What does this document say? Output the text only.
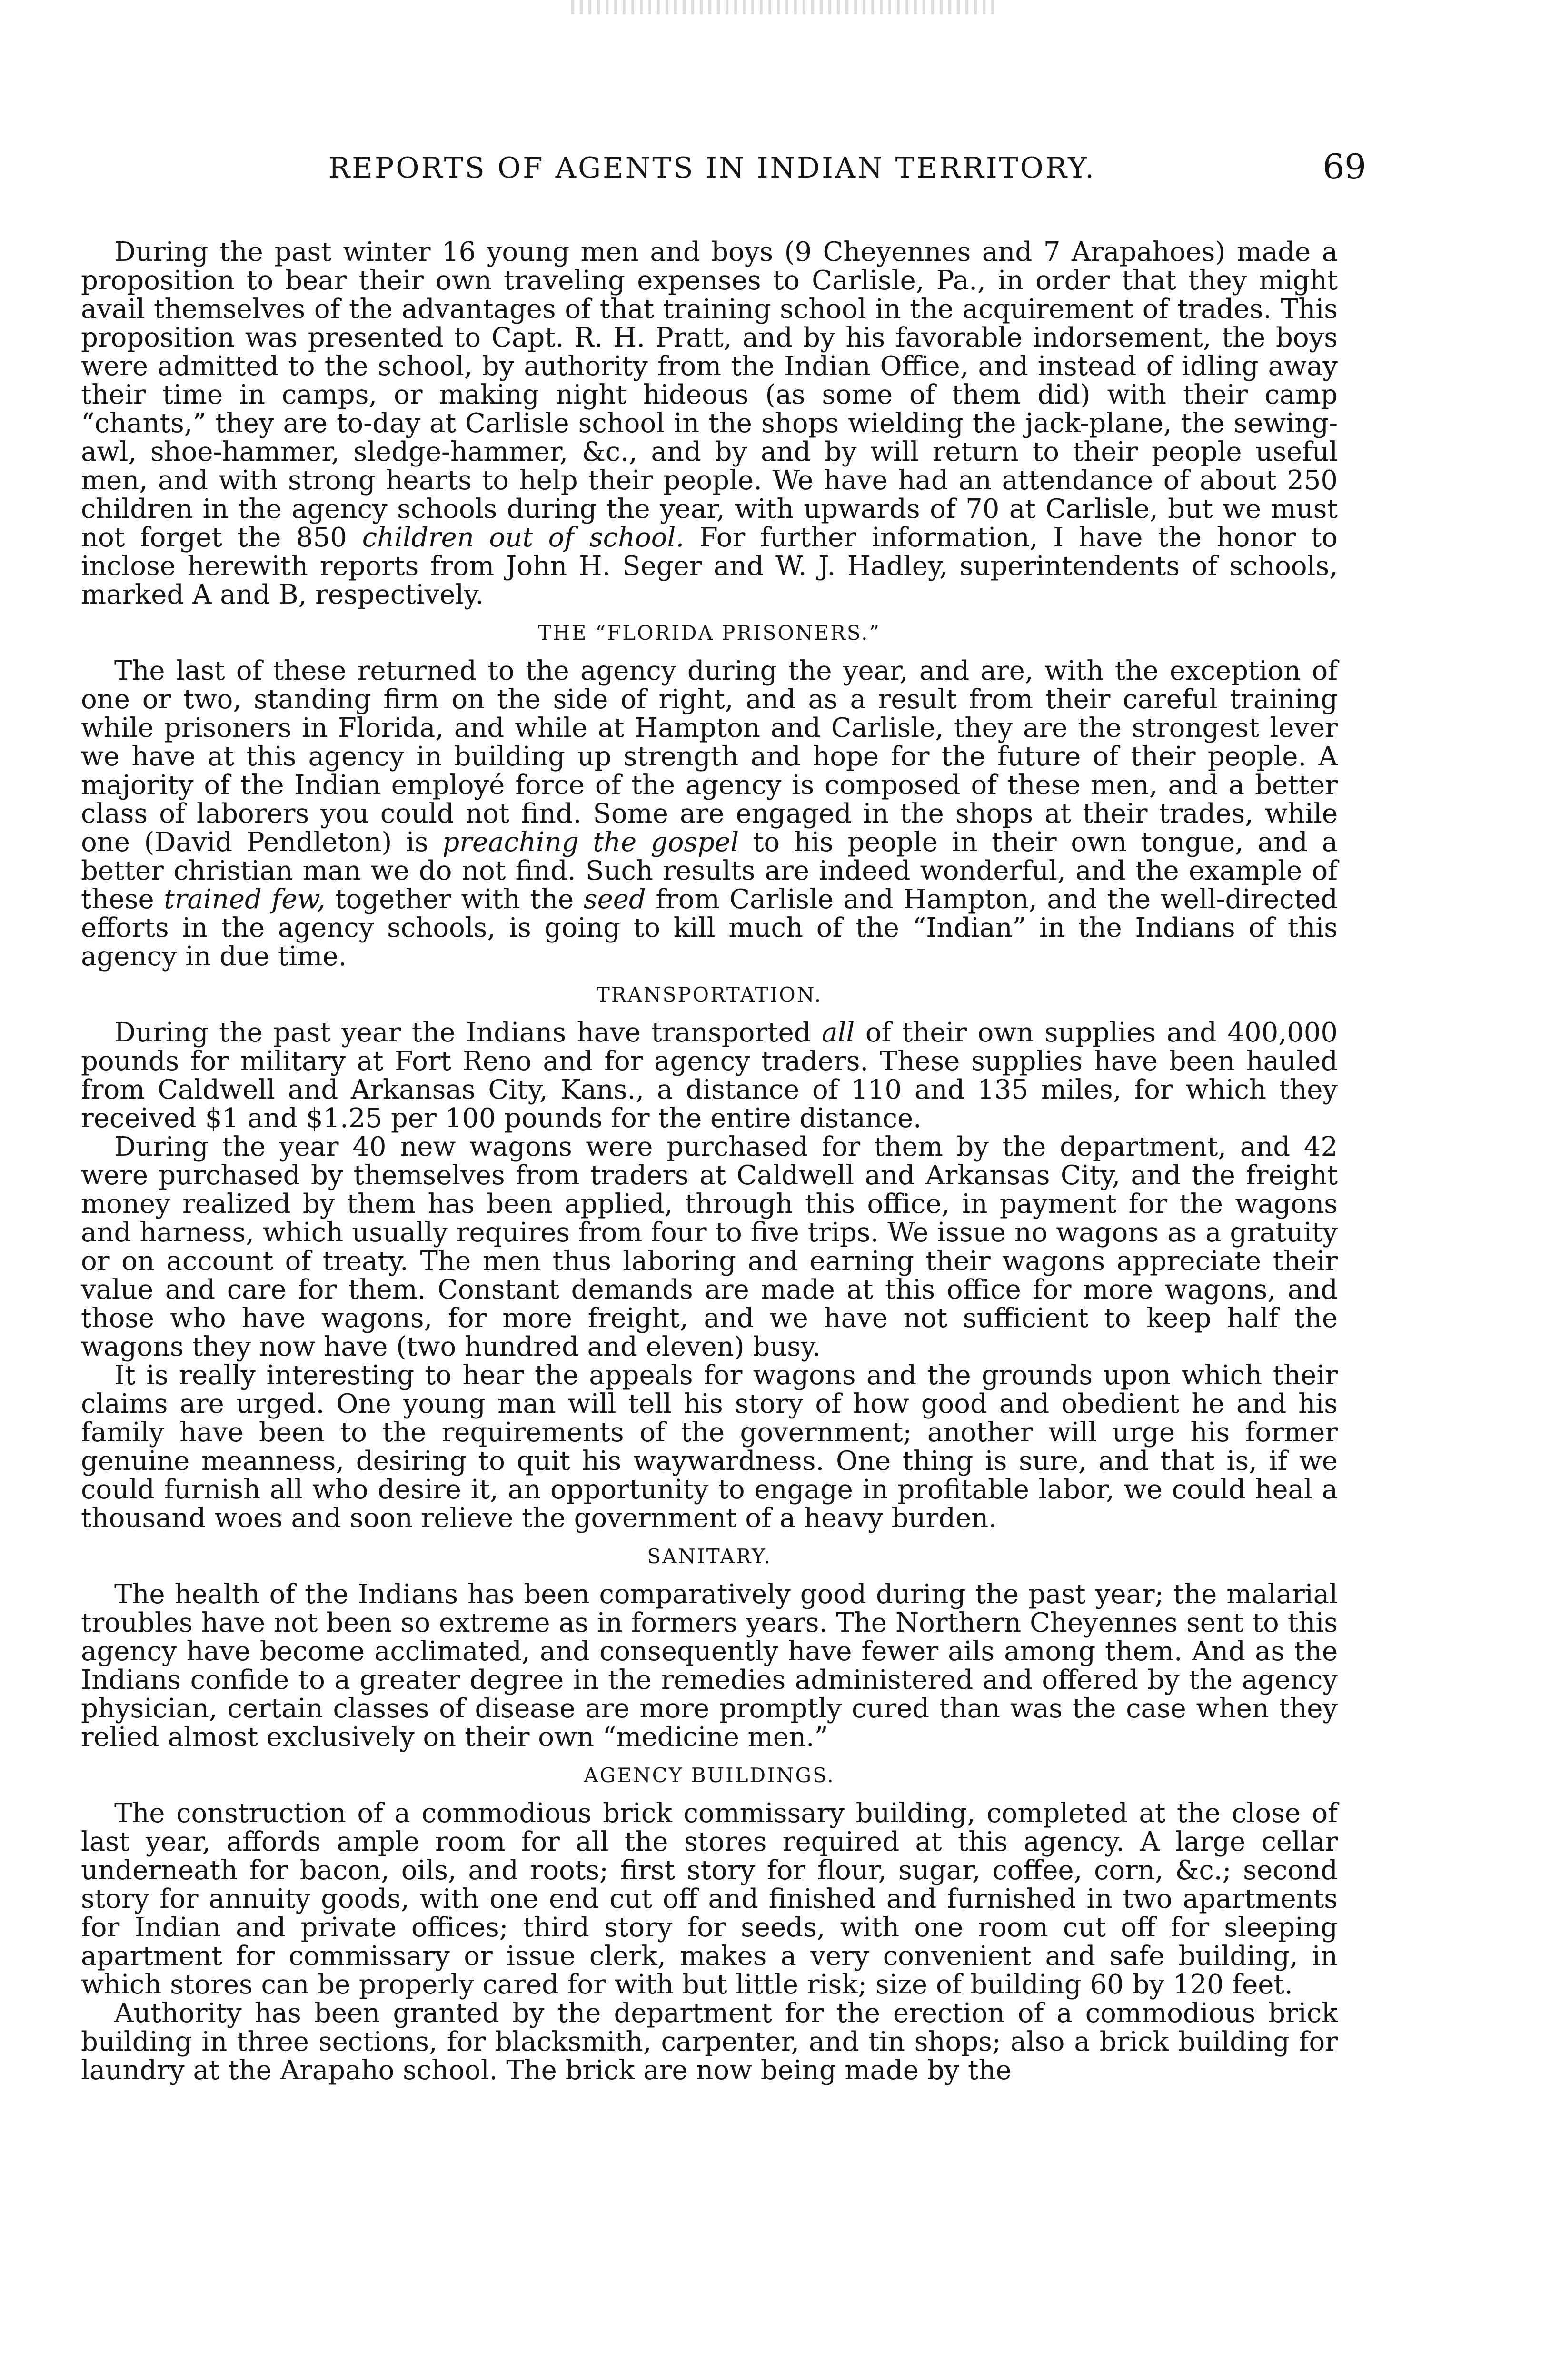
REPORTS OF AGENTS IN INDIAN TERRITORY.	69

During the past winter 16 young men and boys (9 Cheyennes and 7 Arapahoes) made a proposition to bear their own traveling expenses to Carlisle, Pa., in order that they might avail themselves of the advantages of that training school in the acquirement of trades. This proposition was presented to Capt. R. H. Pratt, and by his favorable indorsement, the boys were admitted to the school, by authority from the Indian Office, and instead of idling away their time in camps, or making night hideous (as some of them did) with their camp “chants,” they are to-day at Carlisle school in the shops wielding the jack-plane, the sewing-awl, shoe-hammer, sledge-hammer, &c., and by and by will return to their people useful men, and with strong hearts to help their people. We have had an attendance of about 250 children in the agency schools during the year, with upwards of 70 at Carlisle, but we must not forget the 850 children out of school. For further information, I have the honor to inclose herewith reports from John H. Seger and W. J. Hadley, superintendents of schools, marked A and B, respectively.

THE “FLORIDA PRISONERS.”

The last of these returned to the agency during the year, and are, with the exception of one or two, standing firm on the side of right, and as a result from their careful training while prisoners in Florida, and while at Hampton and Carlisle, they are the strongest lever we have at this agency in building up strength and hope for the future of their people. A majority of the Indian employé force of the agency is composed of these men, and a better class of laborers you could not find. Some are engaged in the shops at their trades, while one (David Pendleton) is preaching the gospel to his people in their own tongue, and a better christian man we do not find. Such results are indeed wonderful, and the example of these trained few, together with the seed from Carlisle and Hampton, and the well-directed efforts in the agency schools, is going to kill much of the “Indian” in the Indians of this agency in due time.

TRANSPORTATION.

During the past year the Indians have transported all of their own supplies and 400,000 pounds for military at Fort Reno and for agency traders. These supplies have been hauled from Caldwell and Arkansas City, Kans., a distance of 110 and 135 miles, for which they received $1 and $1.25 per 100 pounds for the entire distance.

During the year 40 new wagons were purchased for them by the department, and 42 were purchased by themselves from traders at Caldwell and Arkansas City, and the freight money realized by them has been applied, through this office, in payment for the wagons and harness, which usually requires from four to five trips. We issue no wagons as a gratuity or on account of treaty. The men thus laboring and earning their wagons appreciate their value and care for them. Constant demands are made at this office for more wagons, and those who have wagons, for more freight, and we have not sufficient to keep half the wagons they now have (two hundred and eleven) busy.

It is really interesting to hear the appeals for wagons and the grounds upon which their claims are urged. One young man will tell his story of how good and obedient he and his family have been to the requirements of the government; another will urge his former genuine meanness, desiring to quit his waywardness. One thing is sure, and that is, if we could furnish all who desire it, an opportunity to engage in profitable labor, we could heal a thousand woes and soon relieve the government of a heavy burden.

SANITARY.

The health of the Indians has been comparatively good during the past year; the malarial troubles have not been so extreme as in formers years. The Northern Cheyennes sent to this agency have become acclimated, and consequently have fewer ails among them. And as the Indians confide to a greater degree in the remedies administered and offered by the agency physician, certain classes of disease are more promptly cured than was the case when they relied almost exclusively on their own “medicine men.”

AGENCY BUILDINGS.

The construction of a commodious brick commissary building, completed at the close of last year, affords ample room for all the stores required at this agency. A large cellar underneath for bacon, oils, and roots; first story for flour, sugar, coffee, corn, &c.; second story for annuity goods, with one end cut off and finished and furnished in two apartments for Indian and private offices; third story for seeds, with one room cut off for sleeping apartment for commissary or issue clerk, makes a very convenient and safe building, in which stores can be properly cared for with but little risk; size of building 60 by 120 feet.

Authority has been granted by the department for the erection of a commodious brick building in three sections, for blacksmith, carpenter, and tin shops; also a brick building for laundry at the Arapaho school. The brick are now being made by the
